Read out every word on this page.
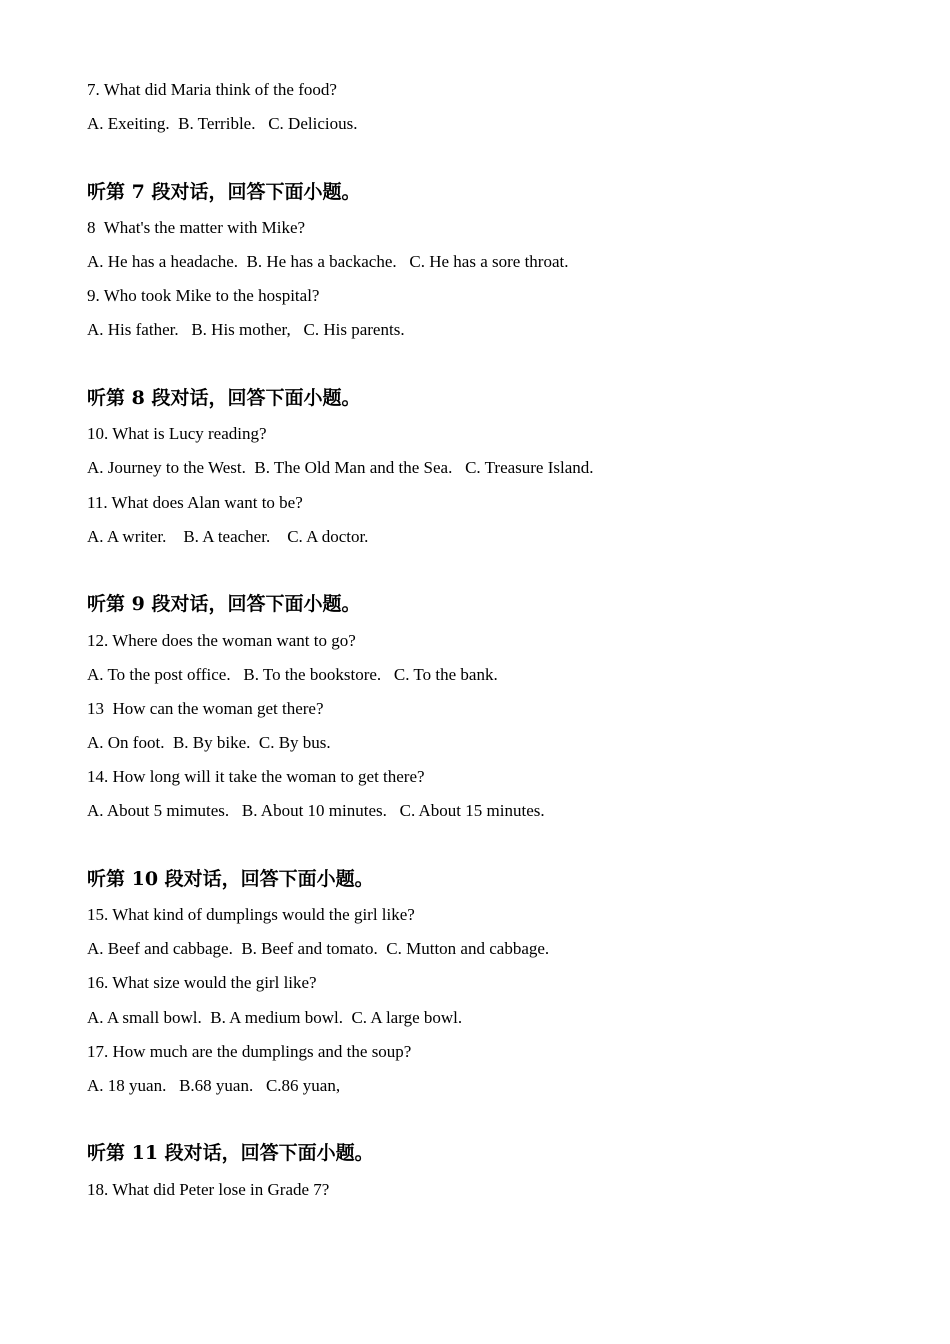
7. What did Maria think of the food?
A. Exeiting.  B. Terrible.   C. Delicious.
听第 7 段对话，回答下面小题。
8  What's the matter with Mike?
A. He has a headache.  B. He has a backache.   C. He has a sore throat.
9. Who took Mike to the hospital?
A. His father.   B. His mother,   C. His parents.
听第 8 段对话，回答下面小题。
10. What is Lucy reading?
A. Journey to the West.  B. The Old Man and the Sea.   C. Treasure Island.
11. What does Alan want to be?
A. A writer.    B. A teacher.    C. A doctor.
听第 9 段对话，回答下面小题。
12. Where does the woman want to go?
A. To the post office.   B. To the bookstore.   C. To the bank.
13  How can the woman get there?
A. On foot.  B. By bike.  C. By bus.
14. How long will it take the woman to get there?
A. About 5 mimutes.   B. About 10 minutes.   C. About 15 minutes.
听第 10 段对话，回答下面小题。
15. What kind of dumplings would the girl like?
A. Beef and cabbage.  B. Beef and tomato.  C. Mutton and cabbage.
16. What size would the girl like?
A. A small bowl.  B. A medium bowl.  C. A large bowl.
17. How much are the dumplings and the soup?
A. 18 yuan.   B.68 yuan.   C.86 yuan,
听第 11 段对话，回答下面小题。
18. What did Peter lose in Grade 7?
